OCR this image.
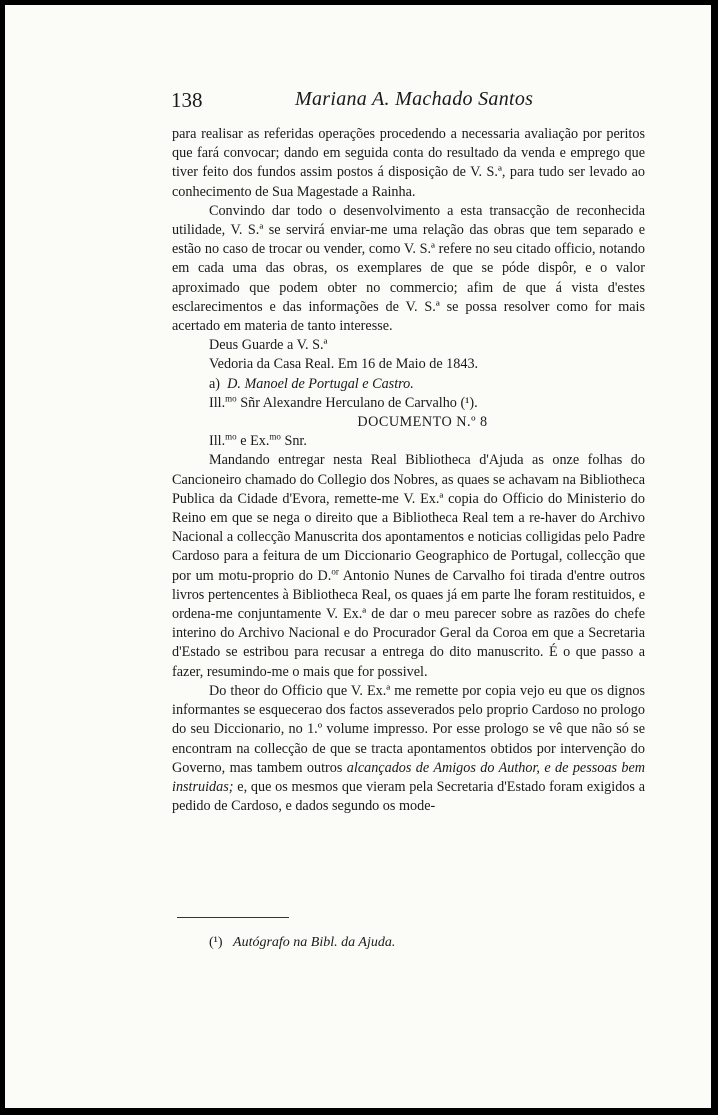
138	Mariana A. Machado Santos

para realisar as referidas operações procedendo a necessaria avaliação por peritos que fará convocar; dando em seguida conta do resultado da venda e emprego que tiver feito dos fundos assim postos á disposição de V. S.ª, para tudo ser levado ao conhecimento de Sua Magestade a Rainha.

Convindo dar todo o desenvolvimento a esta transacção de reconhecida utilidade, V. S.ª se servirá enviar-me uma relação das obras que tem separado e estão no caso de trocar ou vender, como V. S.ª refere no seu citado officio, notando em cada uma das obras, os exemplares de que se póde dispôr, e o valor aproximado que podem obter no commercio; afim de que á vista d'estes esclarecimentos e das informações de V. S.ª se possa resolver como for mais acertado em materia de tanto interesse.

Deus Guarde a V. S.ª

Vedoria da Casa Real. Em 16 de Maio de 1843.

a) D. Manoel de Portugal e Castro.

Ill.$^{mo}$ Sñr Alexandre Herculano de Carvalho (¹).

DOCUMENTO N.º 8

Ill.$^{mo}$ e Ex.$^{mo}$ Snr.

Mandando entregar nesta Real Bibliotheca d'Ajuda as onze folhas do Cancioneiro chamado do Collegio dos Nobres, as quaes se achavam na Bibliotheca Publica da Cidade d'Evora, remette-me V. Ex.ª copia do Officio do Ministerio do Reino em que se nega o direito que a Bibliotheca Real tem a re-haver do Archivo Nacional a collecção Manuscrita dos apontamentos e noticias colligidas pelo Padre Cardoso para a feitura de um Diccionario Geographico de Portugal, collecção que por um motu-proprio do D.$^{or}$ Antonio Nunes de Carvalho foi tirada d'entre outros livros pertencentes à Bibliotheca Real, os quaes já em parte lhe foram restituidos, e ordena-me conjuntamente V. Ex.ª de dar o meu parecer sobre as razões do chefe interino do Archivo Nacional e do Procurador Geral da Coroa em que a Secretaria d'Estado se estribou para recusar a entrega do dito manuscrito. É o que passo a fazer, resumindo-me o mais que for possivel.

Do theor do Officio que V. Ex.ª me remette por copia vejo eu que os dignos informantes se esquecerao dos factos asseverados pelo proprio Cardoso no prologo do seu Diccionario, no 1.º volume impresso. Por esse prologo se vê que não só se encontram na collecção de que se tracta apontamentos obtidos por intervenção do Governo, mas tambem outros alcançados de Amigos do Author, e de pessoas bem instruidas; e, que os mesmos que vieram pela Secretaria d'Estado foram exigidos a pedido de Cardoso, e dados segundo os mode-

(¹) Autógrafo na Bibl. da Ajuda.
